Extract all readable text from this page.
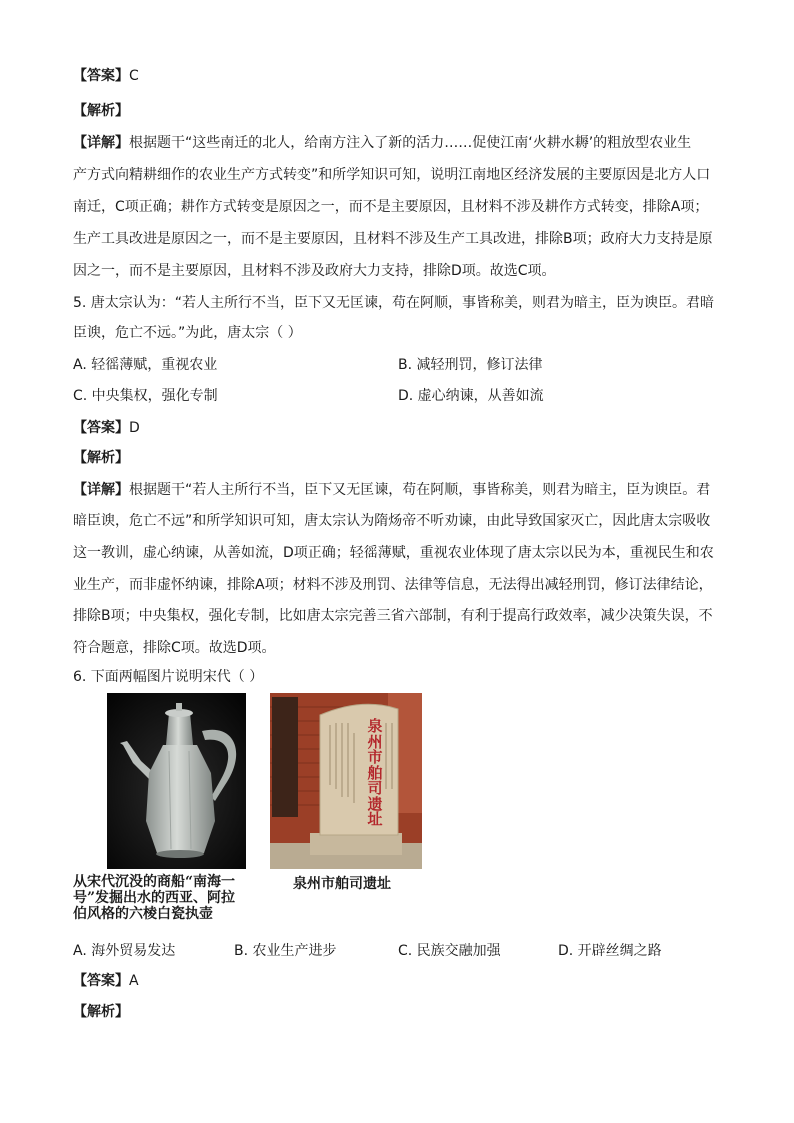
【答案】C
【解析】
【详解】根据题干“这些南迁的北人，给南方注入了新的活力……促使江南‘火耕水耨’的粗放型农业生
产方式向精耕细作的农业生产方式转变”和所学知识可知，说明江南地区经济发展的主要原因是北方人口
南迁，C项正确；耕作方式转变是原因之一，而不是主要原因，且材料不涉及耕作方式转变，排除A项；
生产工具改进是原因之一，而不是主要原因，且材料不涉及生产工具改进，排除B项；政府大力支持是原
因之一，而不是主要原因，且材料不涉及政府大力支持，排除D项。故选C项。
5. 唐太宗认为：“若人主所行不当，臣下又无匡谏，苟在阿顺，事皆称美，则君为暗主，臣为谀臣。君暗
臣谀，危亡不远。”为此，唐太宗（ ）
A. 轻徭薄赋，重视农业	B. 减轻刑罚，修订法律
C. 中央集权，强化专制	D. 虚心纳谏，从善如流
【答案】D
【解析】
【详解】根据题干“若人主所行不当，臣下又无匡谏，苟在阿顺，事皆称美，则君为暗主，臣为谀臣。君
暗臣谀，危亡不远”和所学知识可知，唐太宗认为隋炀帝不听劝谏，由此导致国家灭亡，因此唐太宗吸收
这一教训，虚心纳谏，从善如流，D项正确；轻徭薄赋，重视农业体现了唐太宗以民为本，重视民生和农
业生产，而非虚怀纳谏，排除A项；材料不涉及刑罚、法律等信息，无法得出减轻刑罚，修订法律结论，
排除B项；中央集权，强化专制，比如唐太宗完善三省六部制，有利于提高行政效率，减少决策失误，不
符合题意，排除C项。故选D项。
6. 下面两幅图片说明宋代（ ）
从宋代沉没的商船“南海一
号”发掘出水的西亚、阿拉
伯风格的六棱白瓷执壶
泉
州
市
舶
司
遗
址
泉州市舶司遗址
A. 海外贸易发达	B. 农业生产进步	C. 民族交融加强	D. 开辟丝绸之路
【答案】A
【解析】
